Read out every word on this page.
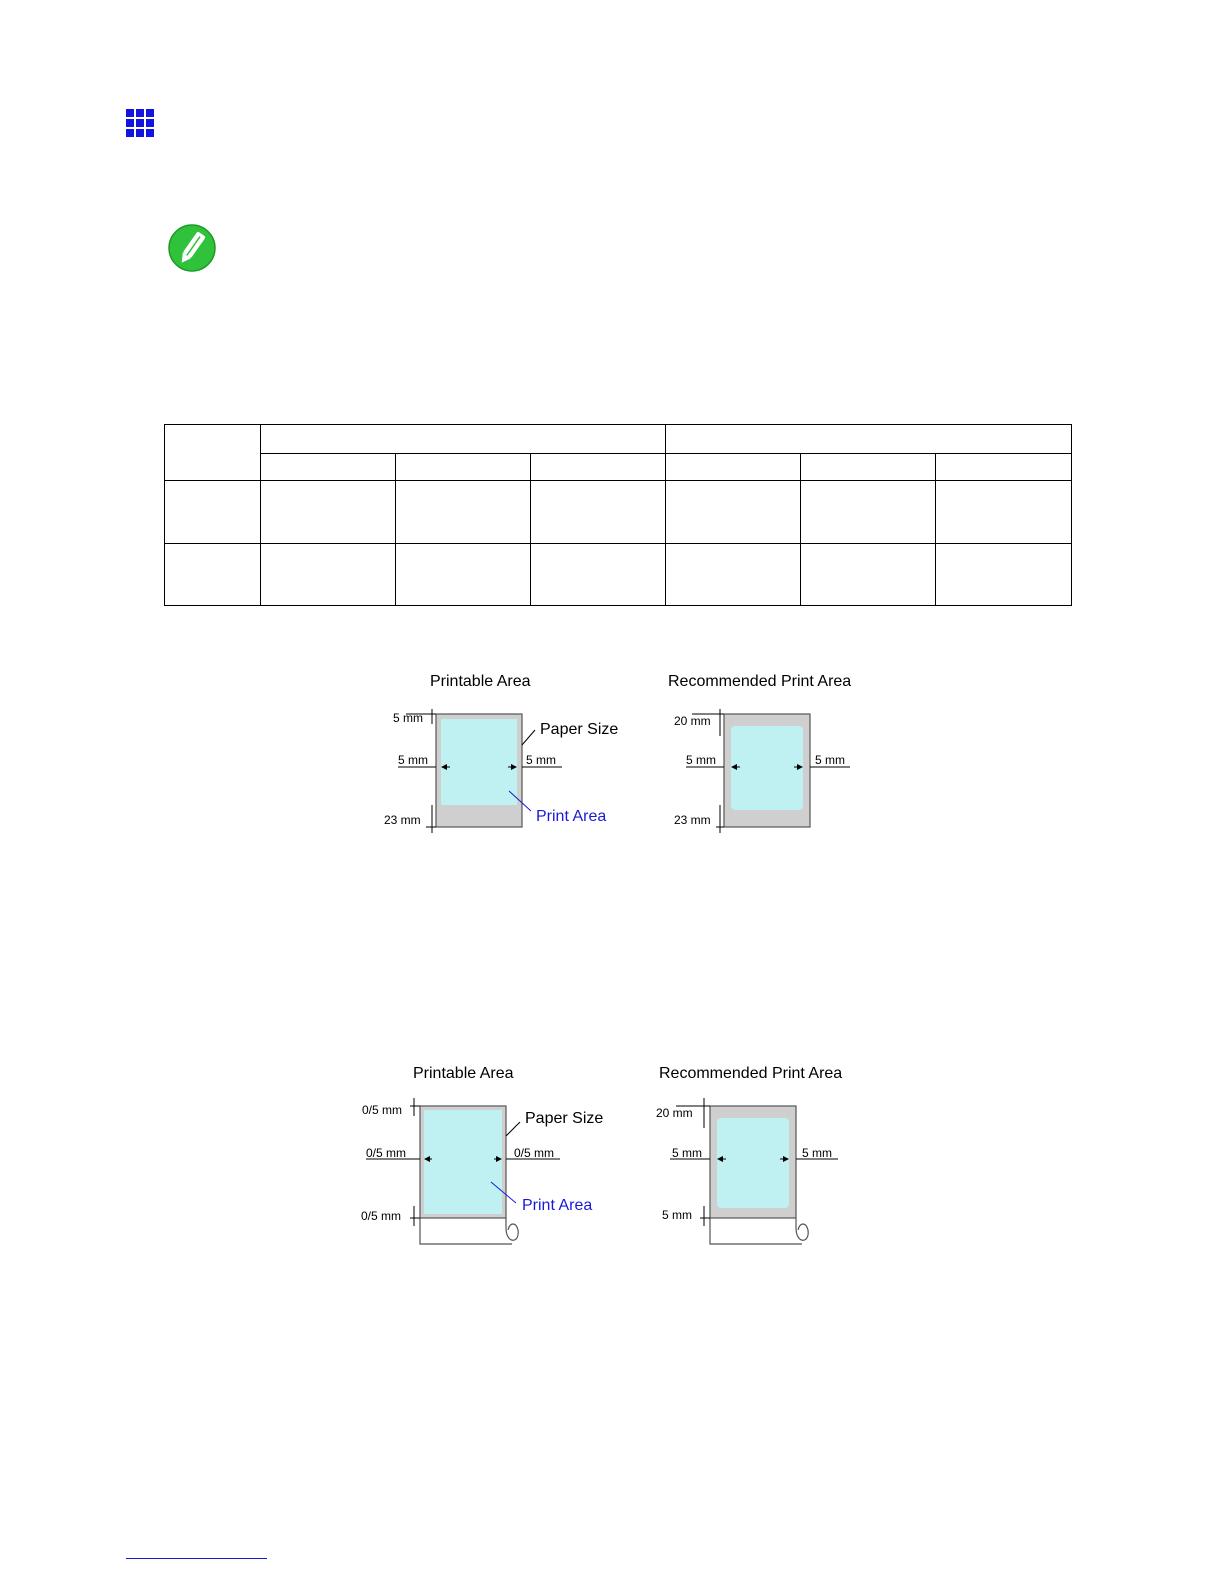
Printable Area
5 mm
5 mm	5 mm
23 mm
Paper Size
Print Area
Recommended Print Area
20 mm
5 mm	5 mm
23 mm
Printable Area
0/5 mm
0/5 mm	0/5 mm
0/5 mm
Paper Size
Print Area
Recommended Print Area
20 mm
5 mm	5 mm
5 mm
